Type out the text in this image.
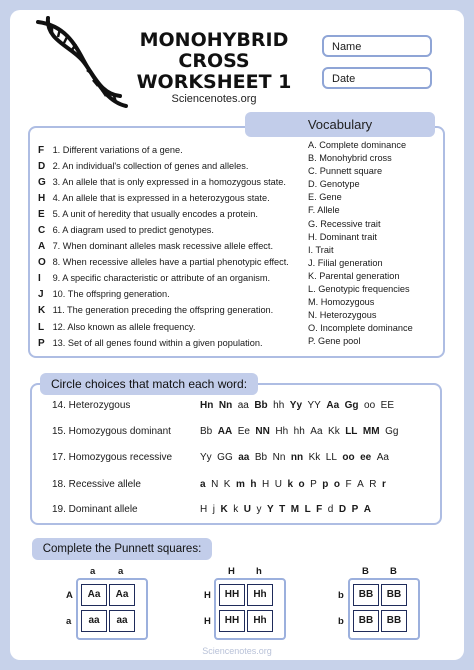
MONOHYBRID
CROSS
WORKSHEET 1
Sciencenotes.org
Name
Date
Vocabulary
F 1. Different variations of a gene.
D 2. An individual's collection of genes and alleles.
G 3. An allele that is only expressed in a homozygous state.
H 4. An allele that is expressed in a heterozygous state.
E 5. A unit of heredity that usually encodes a protein.
C 6. A diagram used to predict genotypes.
A 7. When dominant alleles mask recessive allele effect.
O 8. When recessive alleles have a partial phenotypic effect.
I 9. A specific characteristic or attribute of an organism.
J 10. The offspring generation.
K 11. The generation preceding the offspring generation.
L 12. Also known as allele frequency.
P 13. Set of all genes found within a given population.
A. Complete dominance
B. Monohybrid cross
C. Punnett square
D. Genotype
E. Gene
F. Allele
G. Recessive trait
H. Dominant trait
I. Trait
J. Filial generation
K. Parental generation
L. Genotypic frequencies
M. Homozygous
N. Heterozygous
O. Incomplete dominance
P. Gene pool
Circle choices that match each word:
14. Heterozygous	Hn Nn aa Bb hh Yy YY Aa Gg oo EE
15. Homozygous dominant	Bb AA Ee NN Hh hh Aa Kk LL MM Gg
17. Homozygous recessive	Yy GG aa Bb Nn nn Kk LL oo ee Aa
18. Recessive allele	a N K m h H U k o P p o F A R r
19. Dominant allele	H j K k U y Y T M L F d D P A
Complete the Punnett squares:
Sciencenotes.org
a a
A
a
Aa	Aa
aa	aa
H h
H
H
HH	Hh
HH	Hh
B B
b
b
BB	BB
BB	BB
